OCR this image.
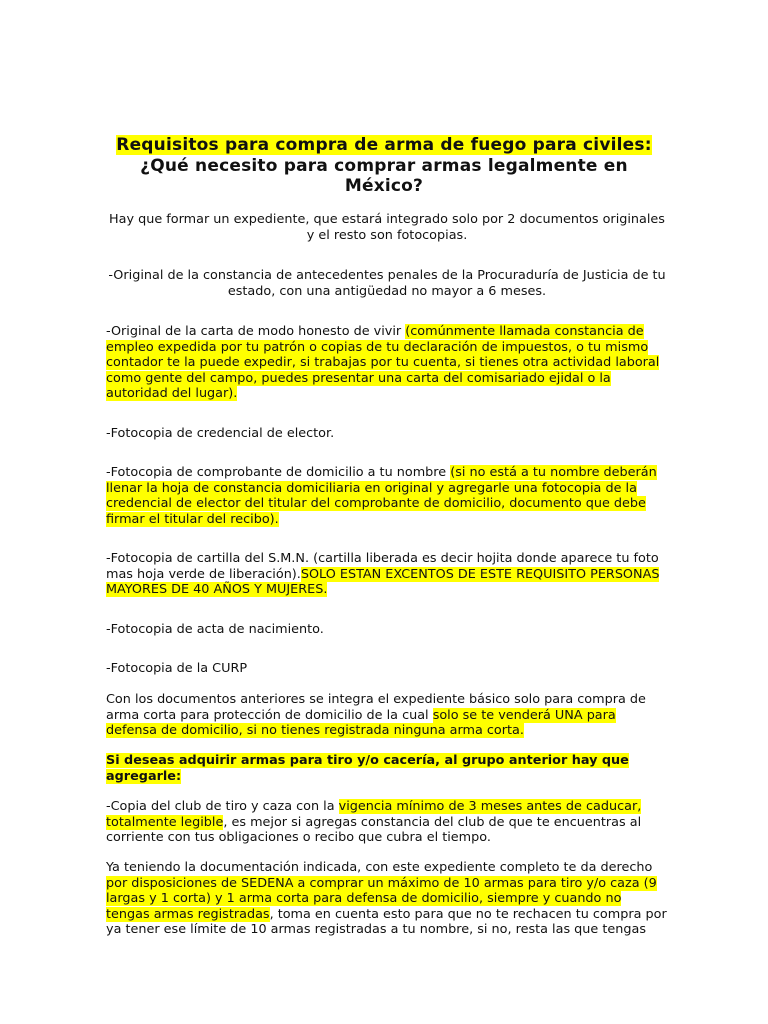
Requisitos para compra de arma de fuego para civiles:
¿Qué necesito para comprar armas legalmente en México?
Hay que formar un expediente, que estará integrado solo por 2 documentos originales y el resto son fotocopias.
-Original de la constancia de antecedentes penales de la Procuraduría de Justicia de tu estado, con una antigüedad no mayor a 6 meses.
-Original de la carta de modo honesto de vivir (comúnmente llamada constancia de empleo expedida por tu patrón o copias de tu declaración de impuestos, o tu mismo contador te la puede expedir, si trabajas por tu cuenta, si tienes otra actividad laboral como gente del campo, puedes presentar una carta del comisariado ejidal o la autoridad del lugar).
-Fotocopia de credencial de elector.
-Fotocopia de comprobante de domicilio a tu nombre (si no está a tu nombre deberán llenar la hoja de constancia domiciliaria en original y agregarle una fotocopia de la credencial de elector del titular del comprobante de domicilio, documento que debe firmar el titular del recibo).
-Fotocopia de cartilla del S.M.N. (cartilla liberada es decir hojita donde aparece tu foto mas hoja verde de liberación).SOLO ESTAN EXCENTOS DE ESTE REQUISITO PERSONAS MAYORES DE 40 AÑOS Y MUJERES.
-Fotocopia de acta de nacimiento.
-Fotocopia de la CURP
Con los documentos anteriores se integra el expediente básico solo para compra de arma corta para protección de domicilio de la cual solo se te venderá UNA para defensa de domicilio, si no tienes registrada ninguna arma corta.
Si deseas adquirir armas para tiro y/o cacería, al grupo anterior hay que agregarle:
-Copia del club de tiro y caza con la vigencia mínimo de 3 meses antes de caducar, totalmente legible, es mejor si agregas constancia del club de que te encuentras al corriente con tus obligaciones o recibo que cubra el tiempo.
Ya teniendo la documentación indicada, con este expediente completo te da derecho por disposiciones de SEDENA a comprar un máximo de 10 armas para tiro y/o caza (9 largas y 1 corta) y 1 arma corta para defensa de domicilio, siempre y cuando no tengas armas registradas, toma en cuenta esto para que no te rechacen tu compra por ya tener ese límite de 10 armas registradas a tu nombre, si no, resta las que tengas
